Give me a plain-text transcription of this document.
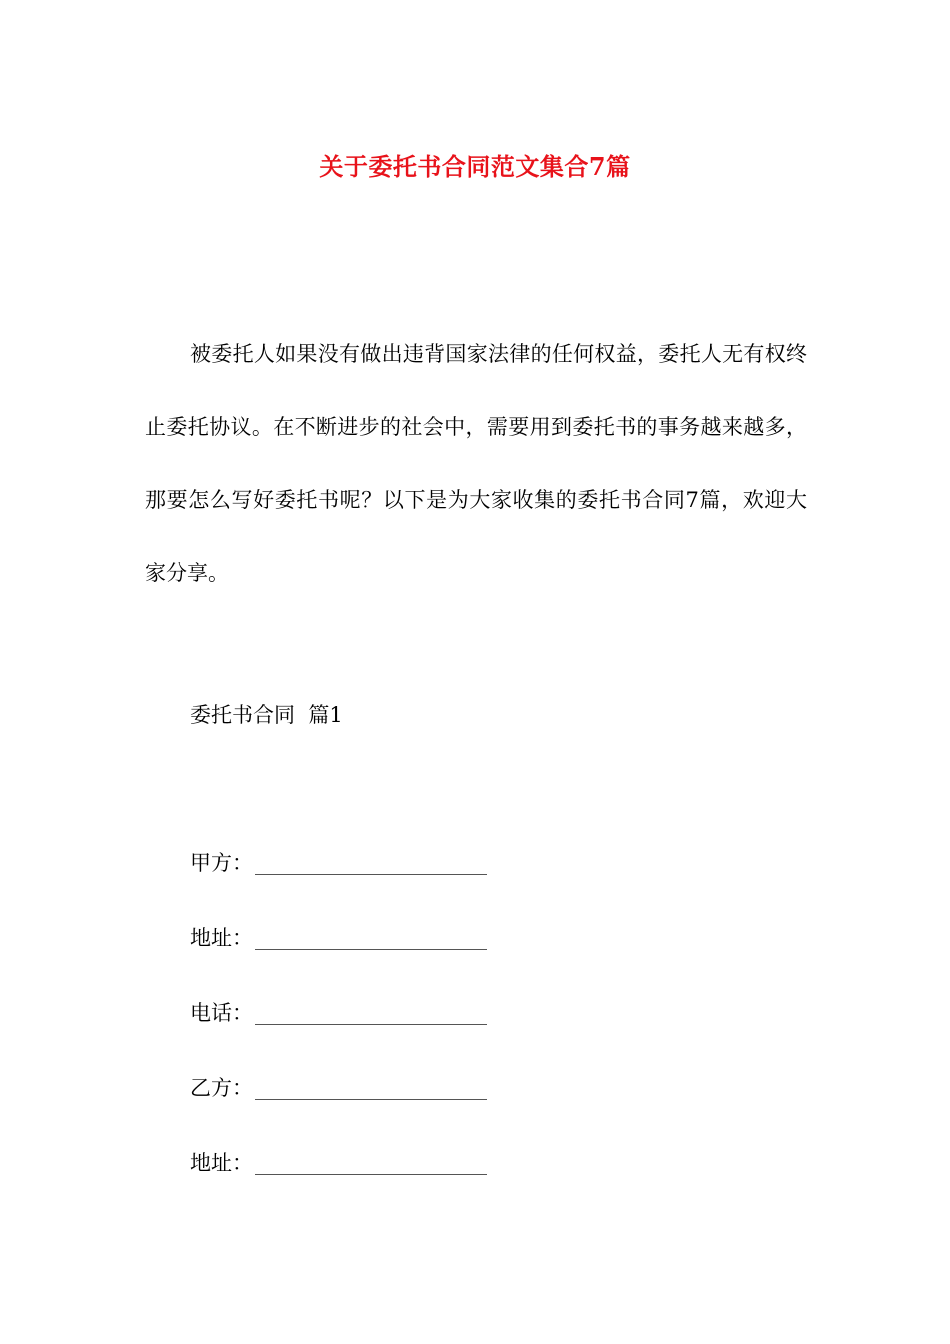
关于委托书合同范文集合7篇

被委托人如果没有做出违背国家法律的任何权益，委托人无有权终止委托协议。在不断进步的社会中，需要用到委托书的事务越来越多，那要怎么写好委托书呢？以下是为大家收集的委托书合同7篇，欢迎大家分享。

委托书合同  篇1
甲方：
地址：
电话：
乙方：
地址：
